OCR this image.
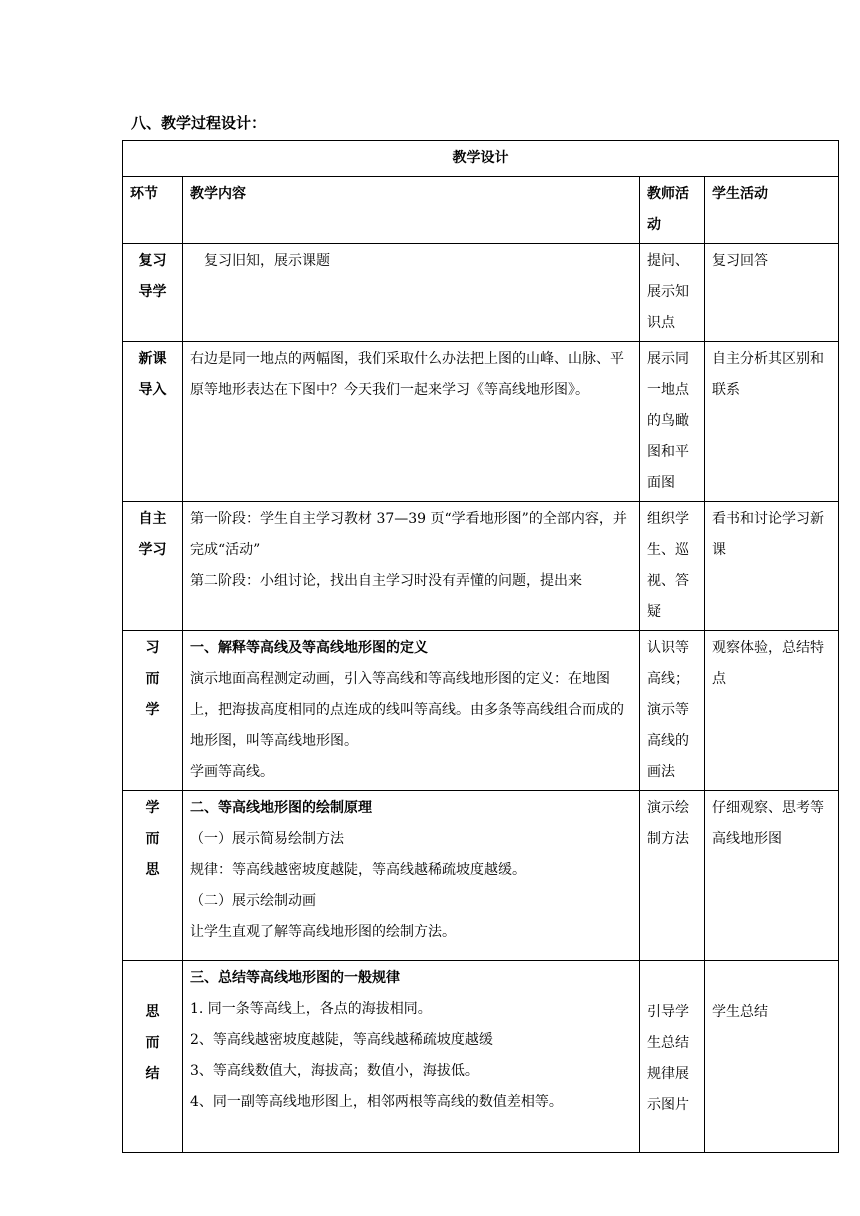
八、教学过程设计：
教学设计			
环节	教学内容	教师活动	学生活动

复习
导学	复习旧知，展示课题	提问、展示知识点	复习回答

新课
导入	右边是同一地点的两幅图，我们采取什么办法把上图的山峰、山脉、平原等地形表达在下图中？今天我们一起来学习《等高线地形图》。	展示同一地点的鸟瞰图和平面图	自主分析其区别和联系

自主
学习	第一阶段：学生自主学习教材 37—39 页“学看地形图”的全部内容，并完成“活动”
第二阶段：小组讨论，找出自主学习时没有弄懂的问题，提出来	组织学生、巡视、答疑	看书和讨论学习新课

习
而
学	一、解释等高线及等高线地形图的定义
演示地面高程测定动画，引入等高线和等高线地形图的定义：在地图上，把海拔高度相同的点连成的线叫等高线。由多条等高线组合而成的地形图，叫等高线地形图。
学画等高线。	认识等高线；演示等高线的画法	观察体验，总结特点

学
而
思	二、等高线地形图的绘制原理
（一）展示简易绘制方法
规律：等高线越密坡度越陡，等高线越稀疏坡度越缓。
（二）展示绘制动画
让学生直观了解等高线地形图的绘制方法。	演示绘制方法	仔细观察、思考等高线地形图

思
而
结	三、总结等高线地形图的一般规律
1. 同一条等高线上，各点的海拔相同。
2、等高线越密坡度越陡，等高线越稀疏坡度越缓
3、等高线数值大，海拔高；数值小，海拔低。
4、同一副等高线地形图上，相邻两根等高线的数值差相等。	引导学生总结规律展示图片	学生总结
